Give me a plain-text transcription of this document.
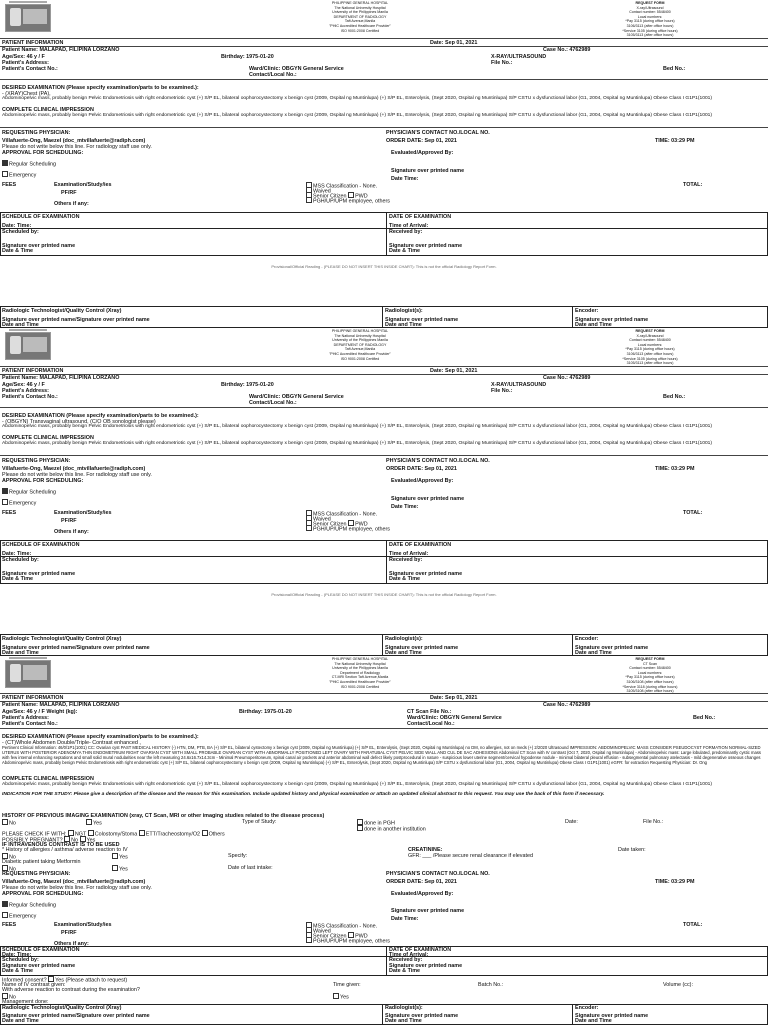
PHILIPPINE GENERAL HOSPITAL
The National University Hospital
University of the Philippines Manila
DEPARTMENT OF RADIOLOGY
Taft Avenue,Manila
"PHIC Accredited Healthcare Provider"
ISO 9001:2008 Certified
REQUEST FORM
X-ray/Ultrasound
Contact number: 5548400
Local numbers:
*Pay 3115 (during office hours)
3106/3113 (after office hours)
*Service 3105 (during office hours)
3105/3113 (after office hours)
PATIENT INFORMATION	Date: Sep 01, 2021
Patient Name: MALAPAD, FILIPINA LORZANO	Case No.: 4762989
Age/Sex: 46 y / F	Birthday: 1975-01-20	X-RAY/ULTRASOUND
Patient's Address:	File No.:
Patient's Contact No.:	Ward/Clinic: OBGYN General Service	Bed No.:
Contact/Local No.:
DESIRED EXAMINATION (Please specify examination/parts to be examined.):
- (XRAY)Chest (PA),
Abdominopelvic mass, probably benign Pelvic Endometriosis with right endometriotic cyst (+) S/P EL, bilateral oophorocystectomy x benign cyst (2009, Ospital ng Muntinlupa) (+) S/P EL, Enterolysis, (Sept 2020, Ospital ng Muntinlupa) S/P CSTU x dysfunctional labor (G1, 2004, Ospital ng Muntinlupa) Obese Class I G1P1(1001)
COMPLETE CLINICAL IMPRESSION
Abdominopelvic mass, probably benign Pelvic Endometriosis with right endometriotic cyst (+) S/P EL, bilateral oophorocystectomy x benign cyst (2009, Ospital ng Muntinlupa) (+) S/P EL, Enterolysis, (Sept 2020, Ospital ng Muntinlupa) S/P CSTU x dysfunctional labor (G1, 2004, Ospital ng Muntinlupa) Obese Class I G1P1(1001)
REQUESTING PHYSICIAN:	PHYSICIAN'S CONTACT NO./LOCAL NO.
Villafuerte-Ong, Maezel (doc_mtvillafuerte@radiph.com)	ORDER DATE: Sep 01, 2021	TIME: 03:29 PM
Please do not write below this line. For radiology staff use only.
APPROVAL FOR SCHEDULING:	Evaluated/Approved By:
Regular Scheduling
Signature over printed name
Emergency
Date Time:
FEES	Examination/Study/ies	MSS Classification - None.	TOTAL:
Waived
PF/RF
Senior Citizen PWD
PGH/UP/UPM employee, others
Others if any:
SCHEDULE OF EXAMINATION	DATE OF EXAMINATION
Date: Time:	Time of Arrival:
Scheduled by:	Received by:
Signature over printed name	Signature over printed name
Date & Time	Date & Time
Provisional/Official Reading - (PLEASE DO NOT INSERT THIS INSIDE CHART): This is not the official Radiology Report Form.
Radiologic Technologist/Quality Control (Xray)	Radiologist(s):	Encoder:
Signature over printed name/Signature over printed name	Signature over printed name	Signature over printed name
Date and Time	Date and Time	Date and Time
PHILIPPINE GENERAL HOSPITAL
The National University Hospital
University of the Philippines Manila
DEPARTMENT OF RADIOLOGY
Taft Avenue,Manila
"PHIC Accredited Healthcare Provider"
ISO 9001:2008 Certified
REQUEST FORM
X-ray/Ultrasound
Contact number: 5548400
Local numbers:
*Pay 3115 (during office hours)
3106/3113 (after office hours)
*Service 3105 (during office hours)
3105/3113 (after office hours)
PATIENT INFORMATION	Date: Sep 01, 2021
Patient Name: MALAPAD, FILIPINA LORZANO	Case No.: 4762989
Age/Sex: 46 y / F	Birthday: 1975-01-20	X-RAY/ULTRASOUND
Patient's Address:	File No.:
Patient's Contact No.:	Ward/Clinic: OBGYN General Service	Bed No.:
Contact/Local No.:
DESIRED EXAMINATION (Please specify examination/parts to be examined.):
- (OBGYN) Transvaginal ultrasound, (C/O OB sonologist please)
Abdominopelvic mass, probably benign Pelvic Endometriosis with right endometriotic cyst (+) S/P EL, bilateral oophorocystectomy x benign cyst (2009, Ospital ng Muntinlupa) (+) S/P EL, Enterolysis, (Sept 2020, Ospital ng Muntinlupa) S/P CSTU x dysfunctional labor (G1, 2004, Ospital ng Muntinlupa) Obese Class I G1P1(1001)
COMPLETE CLINICAL IMPRESSION
Abdominopelvic mass, probably benign Pelvic Endometriosis with right endometriotic cyst (+) S/P EL, bilateral oophorocystectomy x benign cyst (2009, Ospital ng Muntinlupa) (+) S/P EL, Enterolysis, (Sept 2020, Ospital ng Muntinlupa) S/P CSTU x dysfunctional labor (G1, 2004, Ospital ng Muntinlupa) Obese Class I G1P1(1001)
REQUESTING PHYSICIAN:	PHYSICIAN'S CONTACT NO./LOCAL NO.
Villafuerte-Ong, Maezel (doc_mtvillafuerte@radiph.com)	ORDER DATE: Sep 01, 2021	TIME: 03:29 PM
Please do not write below this line. For radiology staff use only.
APPROVAL FOR SCHEDULING:	Evaluated/Approved By:
Regular Scheduling
Signature over printed name
Emergency
Date Time:
FEES	Examination/Study/ies	MSS Classification - None.	TOTAL:
Waived
PF/RF
Senior Citizen PWD
PGH/UP/UPM employee, others
Others if any:
SCHEDULE OF EXAMINATION	DATE OF EXAMINATION
Date: Time:	Time of Arrival:
Scheduled by:	Received by:
Signature over printed name	Signature over printed name
Date & Time	Date & Time
Provisional/Official Reading - (PLEASE DO NOT INSERT THIS INSIDE CHART): This is not the official Radiology Report Form.
Radiologic Technologist/Quality Control (Xray)	Radiologist(s):	Encoder:
Signature over printed name/Signature over printed name	Signature over printed name	Signature over printed name
Date and Time	Date and Time	Date and Time
PHILIPPINE GENERAL HOSPITAL
The National University Hospital
University of the Philippines Manila
Department of Radiology
CT-MRI Section Taft Avenue,Manila
"PHIC Accredited Healthcare Provider"
ISO 9001:2008 Certified
REQUEST FORM
CT Scan
Contact number: 5548400
Local numbers:
*Pay 3115 (during office hours)
3106/3108 (after office hours)
*Service 3118 (during office hours)
3105/3108 (after office hours)
PATIENT INFORMATION	Date: Sep 01, 2021
Patient Name: MALAPAD, FILIPINA LORZANO	Case No.: 4762989
Age/Sex: 46 y / F Weight (kg):	Birthday: 1975-01-20	CT Scan File No.:
Patient's Address:	Ward/Clinic: OBGYN General Service	Bed No.:
Patient's Contact No.:	Contact/Local No.:
DESIRED EXAMINATION (Please specify examination/parts to be examined.):
- (CT)Whole Abdomen Double/Triple- Contrast enhanced ,
Pertinent Clinical Information: 46/0/1P1(1001) CC: Ovarian cyst PAST MEDICAL HISTORY (-) HTN, DM, PTB, BA (+) S/P EL, bilateral cystectomy x benign cyst (2009, Ospital ng Muntinlupa) (+) S/P EL, Enterolysis, (Sept 2020, Ospital ng Muntinlupa) no DM, no allergies, not on meds (+) 2/2020 Ultrasound IMPRESSION: ABDOMINOPELVIC MASS CONSIDER PSEUDOCYST FORMATION NORMAL-SIZED UTERUS WITH POSTERIOR ADENOMYA THIN ENDOMETRIUM RIGHT OVARIAN CYST WITH SMALL PROBABLE OVARIAN CYST WITH ABNORMALLY POSITIONED LEFT OVARY WITH PARATUBAL CYST PELVIC SIDE WALL AND CUL DE SAC ADHESIONS Abdominal CT Scan with IV contrast (Oct 7, 2020, Ospital ng Muntinlupa) - Abdominopelvic mass: Large lobulated, predominantly cystic mass with few internal enhancing septations and small solid mural nodularities near the left measuring 24.6x16.7x14.3cm - Minimal Pneumoperitoneum, spinal canal air pockets and anterior abdominal wall defect likely postprocedural in nature - suspicious lower uterine segment/cervical hypodense nodule - minimal bilateral pleural effusion - subsegmental pulmonary atelectasis - mild degenerative osseous changes Abdominopelvic mass, probably benign Pelvic Endometriosis with right endometriotic cyst (+) S/P EL, bilateral oophorocystectomy x benign cyst (2009, Ospital ng Muntinlupa) (+) S/P EL, Enterolysis, (Sept 2020, Ospital ng Muntinlupa) S/P CSTU x dysfunctional labor (G1, 2004, Ospital ng Muntinlupa) Obese Class I G1P1(1001) eGFR: for extraction Requesting Physician: Dr. Ong
COMPLETE CLINICAL IMPRESSION
Abdominopelvic mass, probably benign Pelvic Endometriosis with right endometriotic cyst (+) S/P EL, bilateral oophorocystectomy x benign cyst (2009, Ospital ng Muntinlupa) (+) S/P EL, Enterolysis, (Sept 2020, Ospital ng Muntinlupa) S/P CSTU x dysfunctional labor (G1, 2004, Ospital ng Muntinlupa) Obese Class I G1P1(1001)
INDICATION FOR THE STUDY: Please give a description of the disease and the reason for this examination. Include updated history and physical examination or attach an updated clinical abstract to this request. You may use the back of this form if necessary.
HISTORY OF PREVIOUS IMAGING EXAMINATION (xray, CT Scan, MRI or other imaging studies related to the disease process)
No	Yes	Type of Study:	done in PGH	Date:	File No.:
done in another institution
PLEASE CHECK IF WITH: NGT Colostomy/Stoma ETT/Tracheostomy/O2 Others
POSSIBLY PREGNANT? No Yes
IF INTRAVENOUS CONTRAST IS TO BE USED
* History of allergies / asthma/ adverse reaction to IV	CREATININE:	Date taken:
No	Yes	Specify:	GFR: ___ /Please secure renal clearance if elevated
Diabetic patient taking Metformin
No	Yes	Date of last intake:
REQUESTING PHYSICIAN:	PHYSICIAN'S CONTACT NO./LOCAL NO.
Villafuerte-Ong, Maezel (doc_mtvillafuerte@radiph.com)	ORDER DATE: Sep 01, 2021	TIME: 03:29 PM
Please do not write below this line. For radiology staff use only.
APPROVAL FOR SCHEDULING:	Evaluated/Approved By:
Regular Scheduling
Signature over printed name
Emergency	Date Time:
FEES	Examination/Study/ies	MSS Classification - None.	TOTAL:
Waived
PF/RF
Senior Citizen PWD
PGH/UP/UPM employee, others
Others if any:
SCHEDULE OF EXAMINATION	DATE OF EXAMINATION
Date: Time:	Time of Arrival:
Scheduled by:	Received by:
Signature over printed name	Signature over printed name
Date & Time	Date & Time
Informed consent? Yes (Please attach to request)
Name of IV contrast given:	Time given:	Batch No.:	Volume (cc):
With adverse reaction to contrast during the examination?
No	Yes
Management done:
Radiologic Technologist/Quality Control (Xray)	Radiologist(s):	Encoder:
Signature over printed name/Signature over printed name	Signature over printed name	Signature over printed name
Date and Time	Date and Time	Date and Time
